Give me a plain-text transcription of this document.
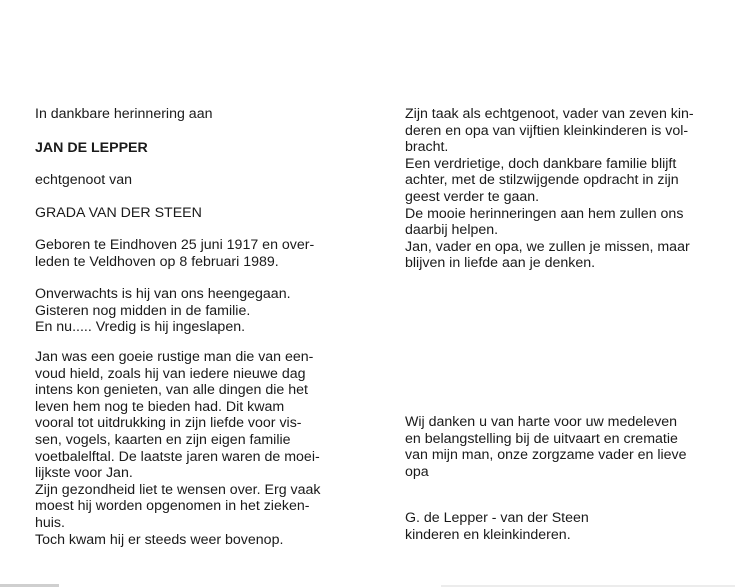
In dankbare herinnering aan
JAN DE LEPPER
echtgenoot van
GRADA VAN DER STEEN

Geboren te Eindhoven 25 juni 1917 en over-

leden te Veldhoven op 8 februari 1989.

Onverwachts is hij van ons heengegaan.

Gisteren nog midden in de familie.

En nu..... Vredig is hij ingeslapen.

Jan was een goeie rustige man die van een-

voud hield, zoals hij van iedere nieuwe dag

intens kon genieten, van alle dingen die het

leven hem nog te bieden had. Dit kwam

vooral tot uitdrukking in zijn liefde voor vis-

sen, vogels, kaarten en zijn eigen familie

voetbalelftal. De laatste jaren waren de moei-

lijkste voor Jan.

Zijn gezondheid liet te wensen over. Erg vaak

moest hij worden opgenomen in het zieken-

huis.

Toch kwam hij er steeds weer bovenop.

Zijn taak als echtgenoot, vader van zeven kin-

deren en opa van vijftien kleinkinderen is vol-

bracht.

Een verdrietige, doch dankbare familie blijft

achter, met de stilzwijgende opdracht in zijn

geest verder te gaan.

De mooie herinneringen aan hem zullen ons

daarbij helpen.

Jan, vader en opa, we zullen je missen, maar

blijven in liefde aan je denken.

Wij danken u van harte voor uw medeleven

en belangstelling bij de uitvaart en crematie

van mijn man, onze zorgzame vader en lieve

opa

G. de Lepper - van der Steen

kinderen en kleinkinderen.
